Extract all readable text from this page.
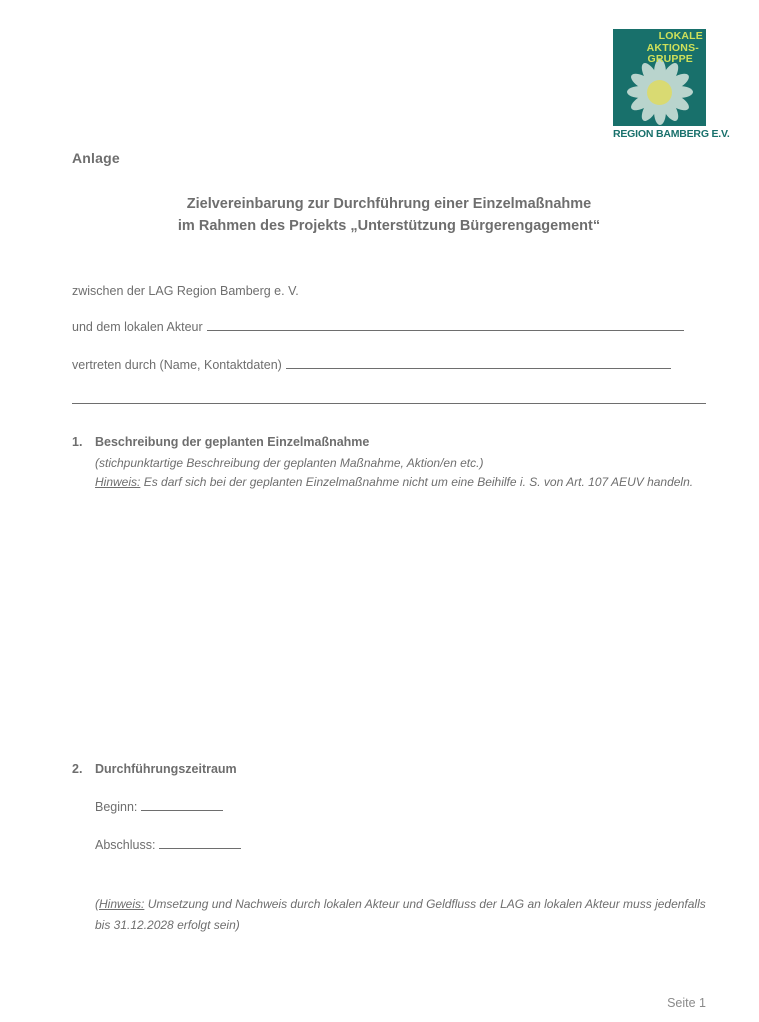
LOKALE
AKTIONS-
GRUPPE
REGION BAMBERG E.V.
Anlage
Zielvereinbarung zur Durchführung einer Einzelmaßnahme
im Rahmen des Projekts „Unterstützung Bürgerengagement“
zwischen der LAG Region Bamberg e. V.
und dem lokalen Akteur
vertreten durch (Name, Kontaktdaten)
1. Beschreibung der geplanten Einzelmaßnahme
(stichpunktartige Beschreibung der geplanten Maßnahme, Aktion/en etc.)
Hinweis: Es darf sich bei der geplanten Einzelmaßnahme nicht um eine Beihilfe i. S. von Art. 107 AEUV handeln.
2. Durchführungszeitraum
Beginn:
Abschluss:
(Hinweis: Umsetzung und Nachweis durch lokalen Akteur und Geldfluss der LAG an lokalen Akteur muss jedenfalls bis 31.12.2028 erfolgt sein)
Seite 1
